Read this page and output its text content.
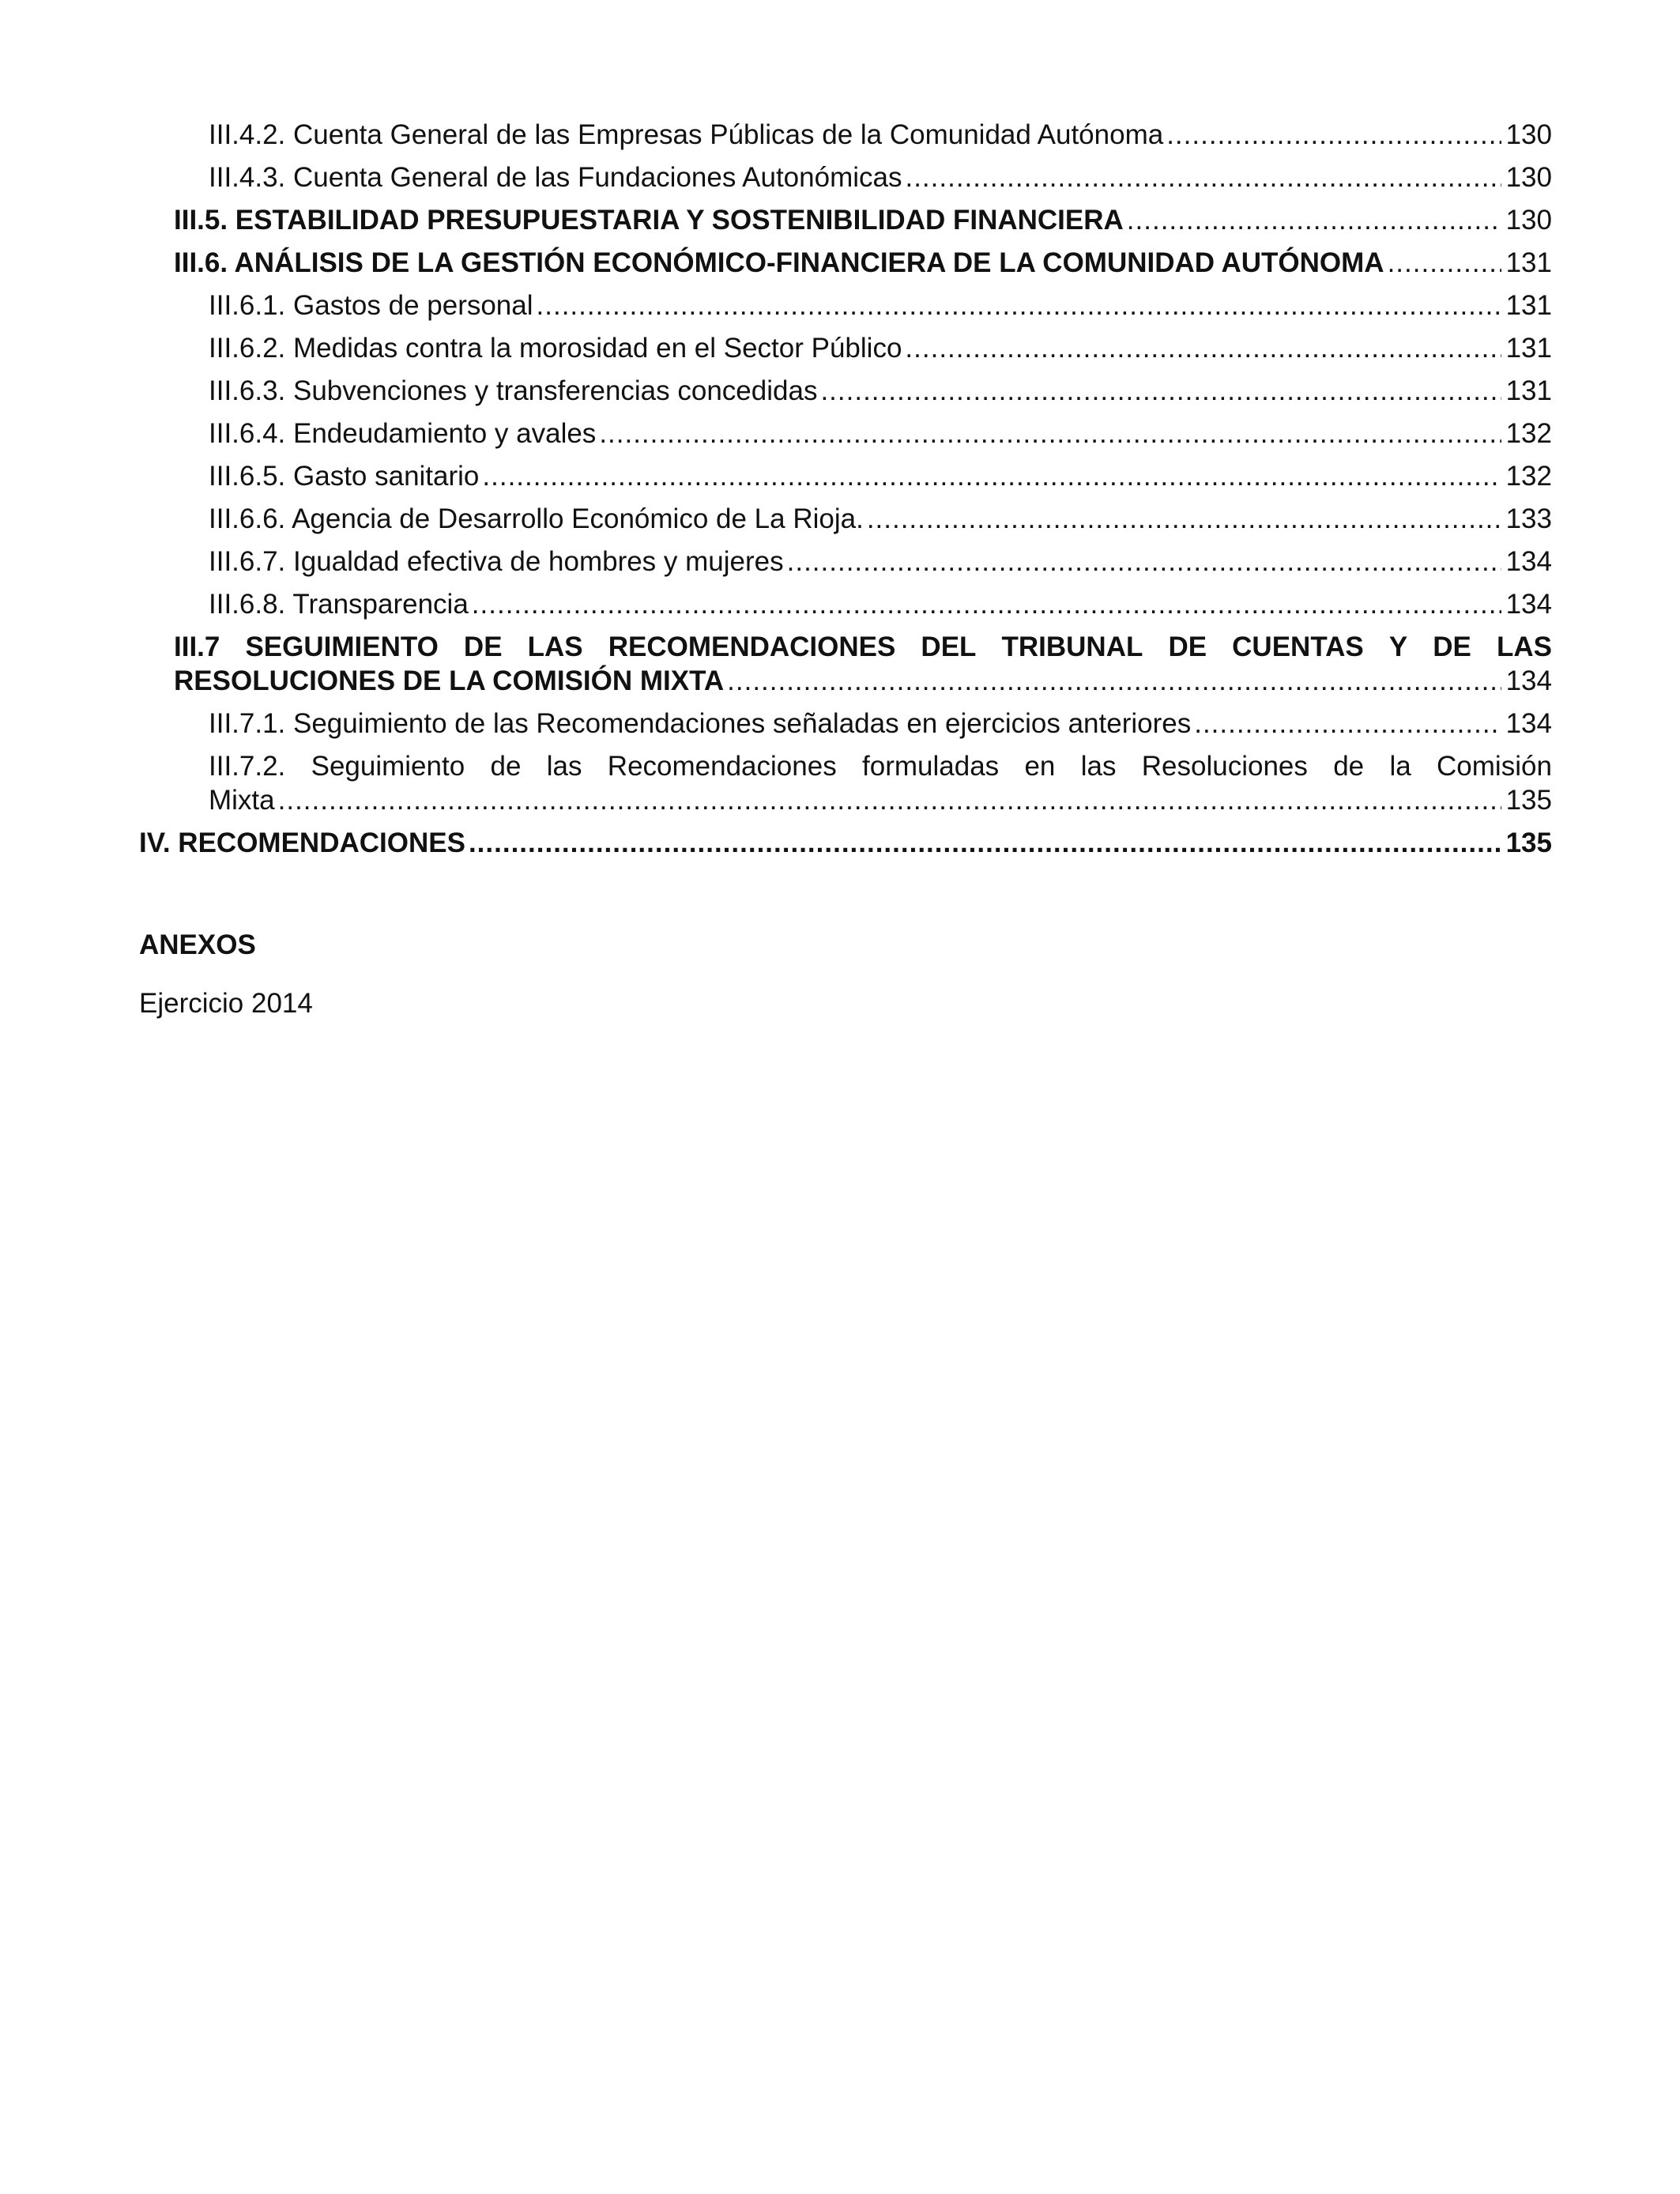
III.4.2. Cuenta General de las Empresas Públicas de la Comunidad Autónoma .....	130
III.4.3. Cuenta General de las Fundaciones Autonómicas .....	130
III.5. ESTABILIDAD PRESUPUESTARIA Y SOSTENIBILIDAD FINANCIERA .....	130
III.6. ANÁLISIS DE LA GESTIÓN ECONÓMICO-FINANCIERA DE LA COMUNIDAD AUTÓNOMA .....	131
III.6.1. Gastos de personal .....	131
III.6.2. Medidas contra la morosidad en el Sector Público .....	131
III.6.3. Subvenciones y transferencias concedidas .....	131
III.6.4. Endeudamiento y avales .....	132
III.6.5. Gasto sanitario .....	132
III.6.6. Agencia de Desarrollo Económico de La Rioja. .....	133
III.6.7. Igualdad efectiva de hombres y mujeres .....	134
III.6.8. Transparencia .....	134
III.7 SEGUIMIENTO DE LAS RECOMENDACIONES DEL TRIBUNAL DE CUENTAS Y DE LAS
RESOLUCIONES DE LA COMISIÓN MIXTA .....	134
III.7.1. Seguimiento de las Recomendaciones señaladas en ejercicios anteriores .....	134
III.7.2. Seguimiento de las Recomendaciones formuladas en las Resoluciones de la Comisión
Mixta .....	135
IV. RECOMENDACIONES .....	135
ANEXOS
Ejercicio 2014
